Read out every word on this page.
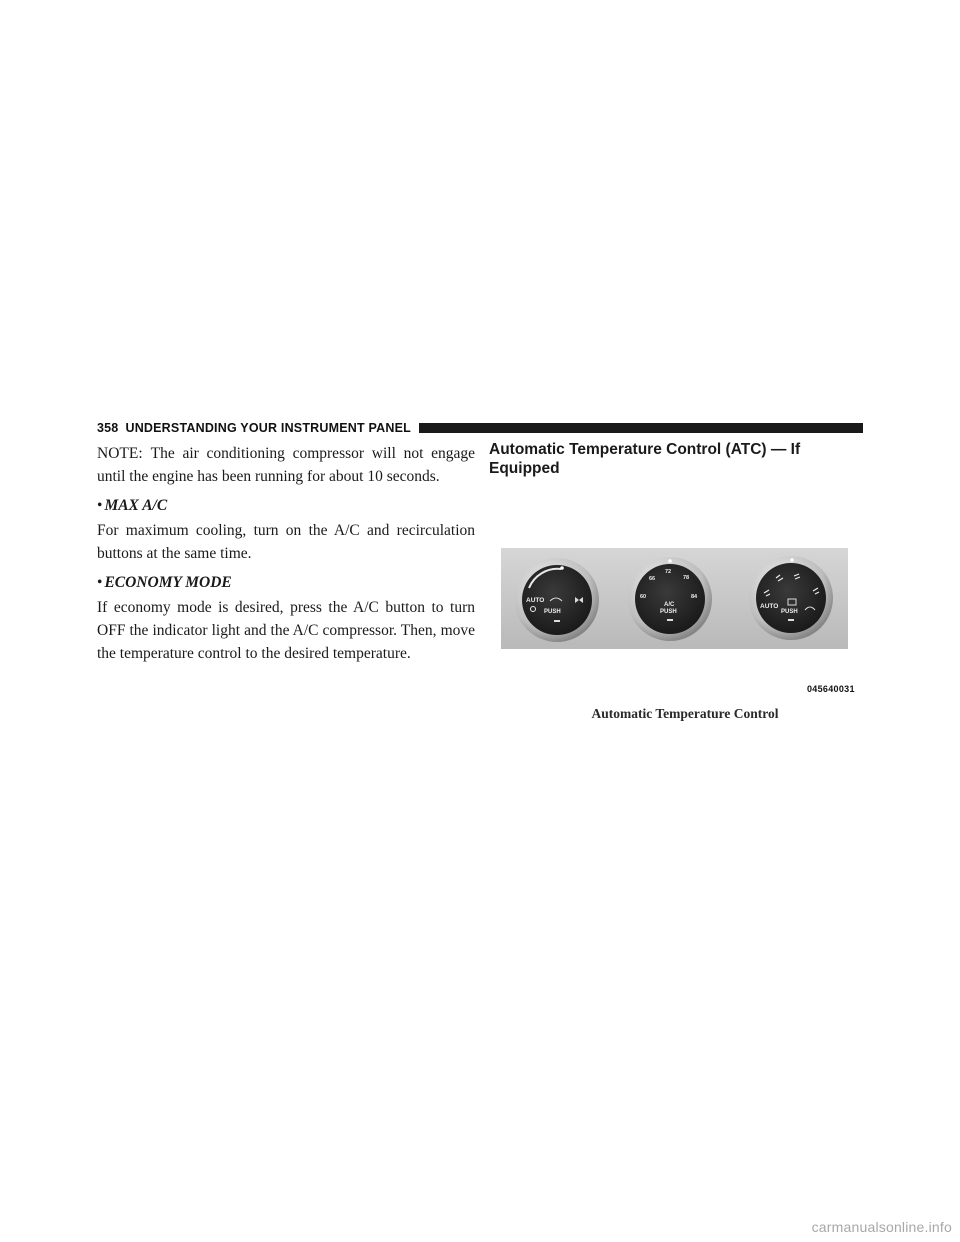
358 UNDERSTANDING YOUR INSTRUMENT PANEL

NOTE: The air conditioning compressor will not engage until the engine has been running for about 10 seconds.

• MAX A/C

For maximum cooling, turn on the A/C and recirculation buttons at the same time.

• ECONOMY MODE

If economy mode is desired, press the A/C button to turn OFF the indicator light and the A/C compressor. Then, move the temperature control to the desired temperature.

Automatic Temperature Control (ATC) — If Equipped
AUTO
PUSH
60
66
72
78
84
A/C
PUSH
AUTO
PUSH
045640031
Automatic Temperature Control
carmanualsonline.info
